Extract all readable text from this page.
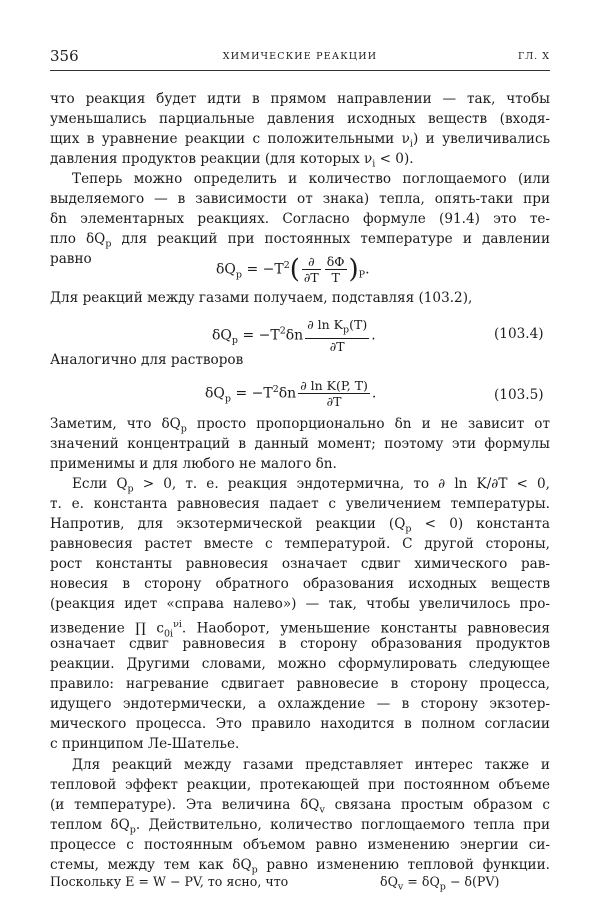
356	ХИМИЧЕСКИЕ РЕАКЦИИ	ГЛ. X
что реакция будет идти в прямом направлении — так, чтобы
уменьшались парциальные давления исходных веществ (входя-
щих в уравнение реакции с положительными $\nu_i$) и увеличивались
давления продуктов реакции (для которых $\nu_i < 0$).
Теперь можно определить и количество поглощаемого (или
выделяемого — в зависимости от знака) тепла, опять-таки при
δn элементарных реакциях. Согласно формуле (91.4) это те-
пло $\delta Q_p$ для реакций при постоянных температуре и давлении
равно
$\delta Q_p = -T^2( \frac{\partial}{\partial T} \frac{\delta\Phi}{T} )_P$.
Для реакций между газами получаем, подставляя (103.2),
$\delta Q_p = -T^2\delta n \frac{\partial \ln K_p(T)}{\partial T}$ .	(103.4)
Аналогично для растворов
$\delta Q_p = -T^2\delta n \frac{\text{∂ ln K(P, T)}}{\partial T}$ .	(103.5)
Заметим, что $\delta Q_p$ просто пропорционально δn и не зависит от
значений концентраций в данный момент; поэтому эти формулы
применимы и для любого не малого δn.
Если $Q_p > 0$, т. е. реакция эндотермична, то ∂ ln K/∂T < 0,
т. е. константа равновесия падает с увеличением температуры.
Напротив, для экзотермической реакции $(Q_p < 0)$ константа
равновесия растет вместе с температурой. С другой стороны,
рост константы равновесия означает сдвиг химического рав-
новесия в сторону обратного образования исходных веществ
(реакция идет «справа налево») — так, чтобы увеличилось про-
изведение ∏ $c_{0i}^{\nu i}$. Наоборот, уменьшение константы равновесия
означает сдвиг равновесия в сторону образования продуктов
реакции. Другими словами, можно сформулировать следующее
правило: нагревание сдвигает равновесие в сторону процесса,
идущего эндотермически, а охлаждение — в сторону экзотер-
мического процесса. Это правило находится в полном согласии
с принципом Ле-Шателье.
Для реакций между газами представляет интерес также и
тепловой эффект реакции, протекающей при постоянном объеме
(и температуре). Эта величина $\delta Q_v$ связана простым образом с
теплом $\delta Q_p$. Действительно, количество поглощаемого тепла при
процессе с постоянным объемом равно изменению энергии си-
стемы, между тем как $\delta Q_p$ равно изменению тепловой функции.
Поскольку E = W − PV, то ясно, что	$\delta Q_v = \delta Q_p - \delta(PV)$
